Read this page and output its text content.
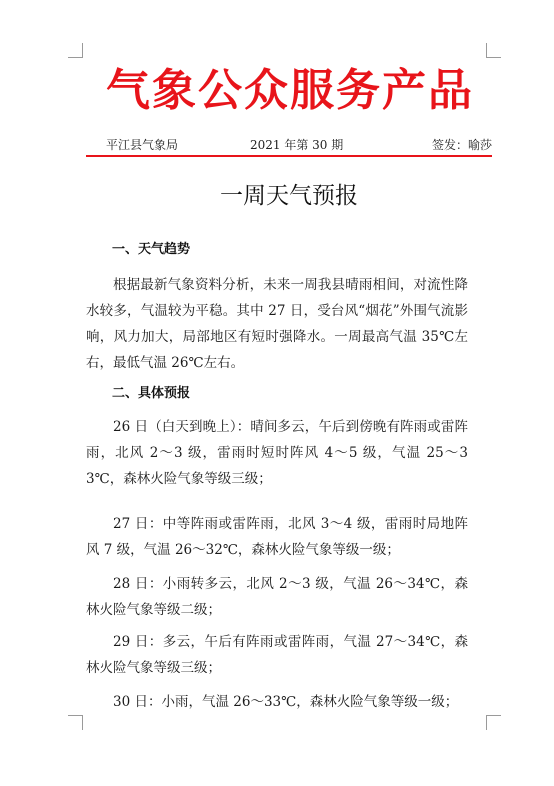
气象公众服务产品
平江县气象局	2021 年第 30 期	签发：喻莎
一周天气预报
一、天气趋势
根据最新气象资料分析，未来一周我县晴雨相间，对流性降水较多，气温较为平稳。其中 27 日，受台风“烟花”外围气流影响，风力加大，局部地区有短时强降水。一周最高气温 35℃左右，最低气温 26℃左右。
二、具体预报
26 日（白天到晚上）：晴间多云，午后到傍晚有阵雨或雷阵雨，北风 2～3 级，雷雨时短时阵风 4～5 级，气温 25～33℃，森林火险气象等级三级；
27 日：中等阵雨或雷阵雨，北风 3～4 级，雷雨时局地阵风 7 级，气温 26～32℃，森林火险气象等级一级；
28 日：小雨转多云，北风 2～3 级，气温 26～34℃，森林火险气象等级二级；
29 日：多云，午后有阵雨或雷阵雨，气温 27～34℃，森林火险气象等级三级；
30 日：小雨，气温 26～33℃，森林火险气象等级一级；
